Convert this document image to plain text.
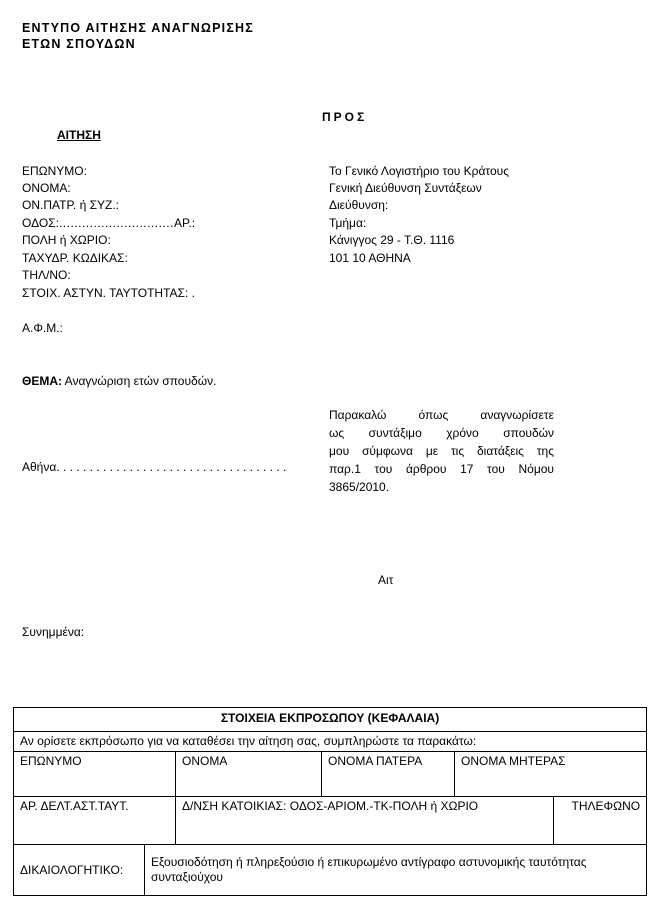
ΕΝΤΥΠΟ ΑΙΤΗΣΗΣ ΑΝΑΓΝΩΡΙΣΗΣ
ΕΤΩΝ ΣΠΟΥΔΩΝ
ΠΡΟΣ
ΑΙΤΗΣΗ
ΕΠΩΝΥΜΟ:
ΟΝΟΜΑ:
ΟΝ.ΠΑΤΡ. ή ΣΥΖ.:
ΟΔΟΣ:..............................ΑΡ.:
ΠΟΛΗ ή ΧΩΡΙΟ:
ΤΑΧΥΔΡ. ΚΩΔΙΚΑΣ:
ΤΗΛ/ΝΟ:
ΣΤΟΙΧ. ΑΣΤΥΝ. ΤΑΥΤΟΤΗΤΑΣ: .
Α.Φ.Μ.:
Το Γενικό Λογιστήριο του Κράτους
Γενική Διεύθυνση Συντάξεων
Διεύθυνση:
Τμήμα:
Κάνιγγος 29 - Τ.Θ. 1116
101 10 ΑΘΗΝΑ
ΘΕΜΑ: Αναγνώριση ετών σπουδών.
Παρακαλώ όπως αναγνωρίσετε
ως συντάξιμο χρόνο σπουδών
μου σύμφωνα με τις διατάξεις της
παρ.1 του άρθρου 17 του Νόμου
3865/2010.
Αθήνα. . . . . . . . . . . . . . . . . . . . . . . . . . . . . . . . . . .
Αιτ
Συνημμένα:
ΣΤΟΙΧΕΙΑ ΕΚΠΡΟΣΩΠΟΥ (ΚΕΦΑΛΑΙΑ)					
Αν ορίσετε εκπρόσωπο για να καταθέσει την αίτηση σας, συμπληρώστε τα παρακάτω:					
ΕΠΩΝΥΜΟ		ΟΝΟΜΑ	ΟΝΟΜΑ ΠΑΤΕΡΑ	ΟΝΟΜΑ ΜΗΤΕΡΑΣ	
ΑΡ. ΔΕΛΤ.ΑΣΤ.ΤΑΥΤ.		Δ/ΝΣΗ ΚΑΤΟΙΚΙΑΣ: ΟΔΟΣ-ΑΡΙΟΜ.-ΤΚ-ΠΟΛΗ ή ΧΩΡΙΟ			ΤΗΛΕΦΩΝΟ
ΔΙΚΑΙΟΛΟΓΗΤΙΚΟ:	Εξουσιοδότηση ή πληρεξούσιο ή επικυρωμένο αντίγραφο αστυνομικής ταυτότητας συνταξιούχου				
